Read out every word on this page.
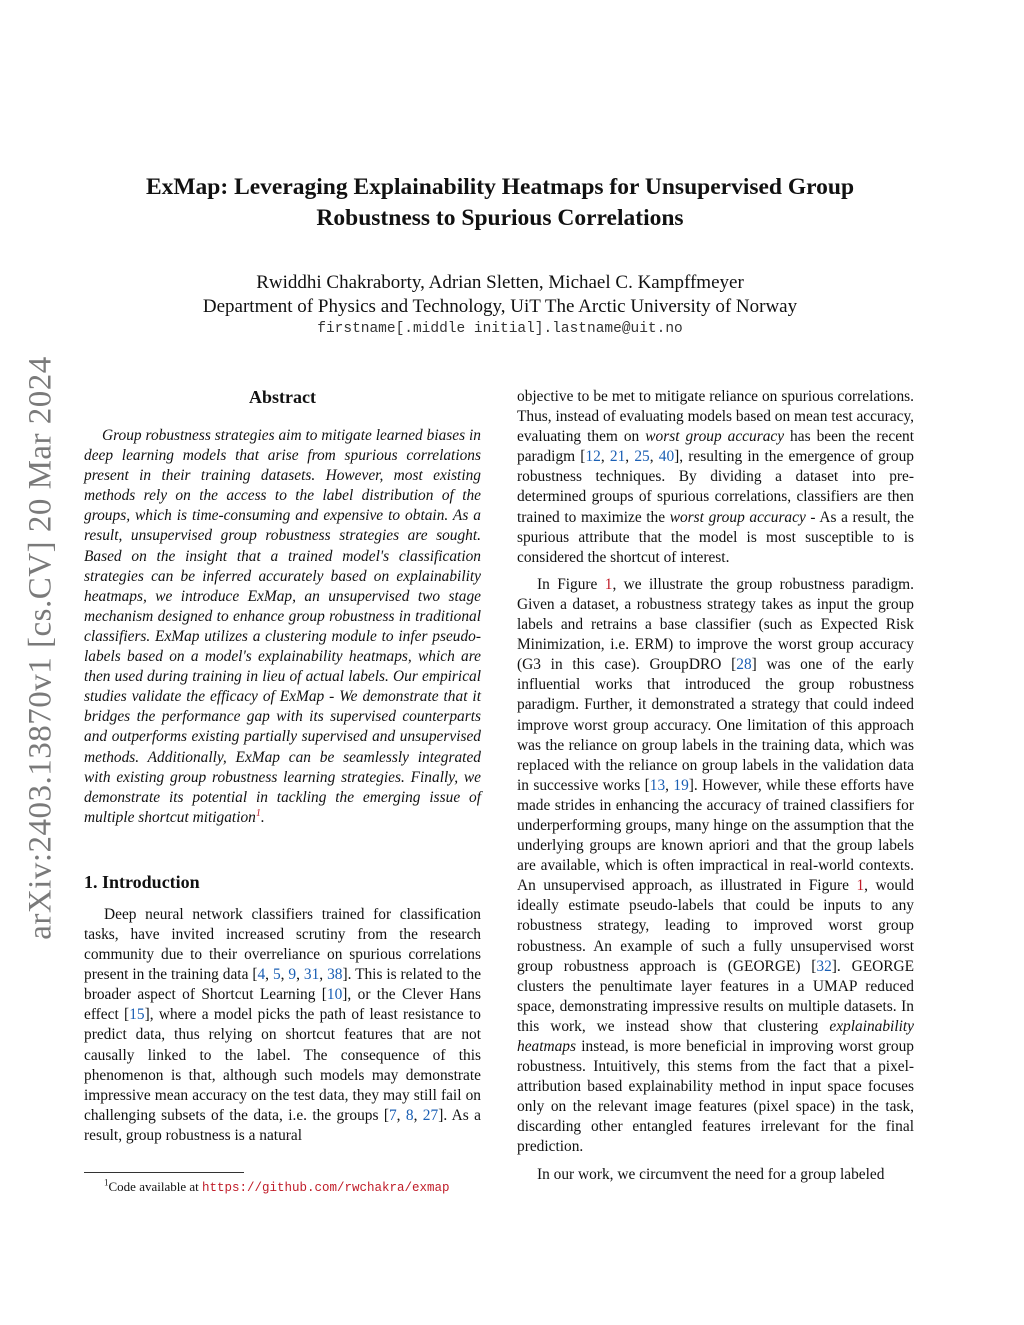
arXiv:2403.13870v1 [cs.CV] 20 Mar 2024
ExMap: Leveraging Explainability Heatmaps for Unsupervised Group Robustness to Spurious Correlations
Rwiddhi Chakraborty, Adrian Sletten, Michael C. Kampffmeyer
Department of Physics and Technology, UiT The Arctic University of Norway
firstname[.middle initial].lastname@uit.no
Abstract

Group robustness strategies aim to mitigate learned biases in deep learning models that arise from spurious correlations present in their training datasets. However, most existing methods rely on the access to the label distribution of the groups, which is time-consuming and expensive to obtain. As a result, unsupervised group robustness strategies are sought. Based on the insight that a trained model's classification strategies can be inferred accurately based on explainability heatmaps, we introduce ExMap, an unsupervised two stage mechanism designed to enhance group robustness in traditional classifiers. ExMap utilizes a clustering module to infer pseudo-labels based on a model's explainability heatmaps, which are then used during training in lieu of actual labels. Our empirical studies validate the efficacy of ExMap - We demonstrate that it bridges the performance gap with its supervised counterparts and outperforms existing partially supervised and unsupervised methods. Additionally, ExMap can be seamlessly integrated with existing group robustness learning strategies. Finally, we demonstrate its potential in tackling the emerging issue of multiple shortcut mitigation$^1$.

1. Introduction

Deep neural network classifiers trained for classification tasks, have invited increased scrutiny from the research community due to their overreliance on spurious correlations present in the training data [4, 5, 9, 31, 38]. This is related to the broader aspect of Shortcut Learning [10], or the Clever Hans effect [15], where a model picks the path of least resistance to predict data, thus relying on shortcut features that are not causally linked to the label. The consequence of this phenomenon is that, although such models may demonstrate impressive mean accuracy on the test data, they may still fail on challenging subsets of the data, i.e. the groups [7, 8, 27]. As a result, group robustness is a natural

objective to be met to mitigate reliance on spurious correlations. Thus, instead of evaluating models based on mean test accuracy, evaluating them on worst group accuracy has been the recent paradigm [12, 21, 25, 40], resulting in the emergence of group robustness techniques. By dividing a dataset into pre-determined groups of spurious correlations, classifiers are then trained to maximize the worst group accuracy - As a result, the spurious attribute that the model is most susceptible to is considered the shortcut of interest.

In Figure 1, we illustrate the group robustness paradigm. Given a dataset, a robustness strategy takes as input the group labels and retrains a base classifier (such as Expected Risk Minimization, i.e. ERM) to improve the worst group accuracy (G3 in this case). GroupDRO [28] was one of the early influential works that introduced the group robustness paradigm. Further, it demonstrated a strategy that could indeed improve worst group accuracy. One limitation of this approach was the reliance on group labels in the training data, which was replaced with the reliance on group labels in the validation data in successive works [13, 19]. However, while these efforts have made strides in enhancing the accuracy of trained classifiers for underperforming groups, many hinge on the assumption that the underlying groups are known apriori and that the group labels are available, which is often impractical in real-world contexts. An unsupervised approach, as illustrated in Figure 1, would ideally estimate pseudo-labels that could be inputs to any robustness strategy, leading to improved worst group robustness. An example of such a fully unsupervised worst group robustness approach is (GEORGE) [32]. GEORGE clusters the penultimate layer features in a UMAP reduced space, demonstrating impressive results on multiple datasets. In this work, we instead show that clustering explainability heatmaps instead, is more beneficial in improving worst group robustness. Intuitively, this stems from the fact that a pixel-attribution based explainability method in input space focuses only on the relevant image features (pixel space) in the task, discarding other entangled features irrelevant for the final prediction.

In our work, we circumvent the need for a group labeled

$^1$Code available at https://github.com/rwchakra/exmap
